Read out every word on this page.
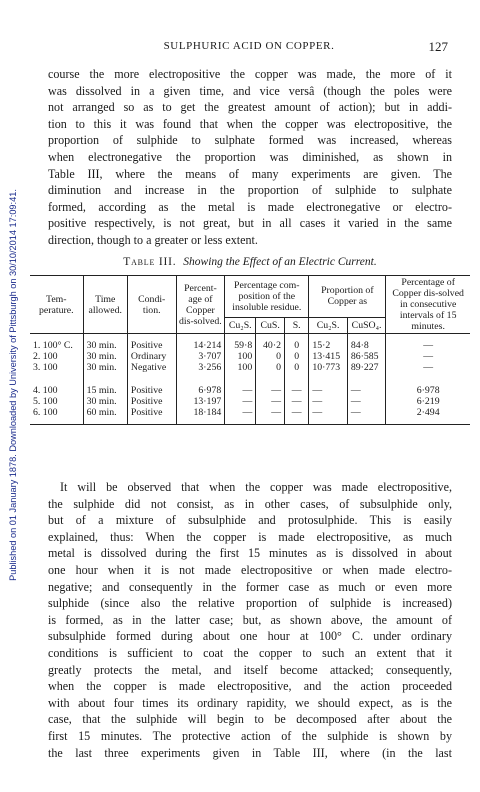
Published on 01 January 1878. Downloaded by University of Pittsburgh on 30/10/2014 17:09:41.
SULPHURIC ACID ON COPPER.	127
course the more electropositive the copper was made, the more of it
was dissolved in a given time, and vice versâ (though the poles were
not arranged so as to get the greatest amount of action); but in addi-
tion to this it was found that when the copper was electropositive, the
proportion of sulphide to sulphate formed was increased, whereas
when electronegative the proportion was diminished, as shown in
Table III, where the means of many experiments are given. The
diminution and increase in the proportion of sulphide to sulphate
formed, according as the metal is made electronegative or electro-
positive respectively, is not great, but in all cases it varied in the same
direction, though to a greater or less extent.
Table III. Showing the Effect of an Electric Current.
Tem-perature.	Time allowed.	Condi-tion.	Percent-age of Copper dis-solved.	Percentage com-position of the insoluble residue.			Proportion of Copper as		Percentage of Copper dis-solved in consecutive intervals of 15 minutes.
				Cu₂S.	CuS.	S.	Cu₂S.	CuSO₄.	
1. 100° C.	30 min.	Positive	14·214	59·8	40·2	0	15·2	84·8	—
2. 100	30 min.	Ordinary	3·707	100	0	0	13·415	86·585	—
3. 100	30 min.	Negative	3·256	100	0	0	10·773	89·227	—
4. 100	15 min.	Positive	6·978	—	—	—	—	—	6·978
5. 100	30 min.	Positive	13·197	—	—	—	—	—	6·219
6. 100	60 min.	Positive	18·184	—	—	—	—	—	2·494
It will be observed that when the copper was made electropositive,
the sulphide did not consist, as in other cases, of subsulphide only,
but of a mixture of subsulphide and protosulphide. This is easily
explained, thus: When the copper is made electropositive, as much
metal is dissolved during the first 15 minutes as is dissolved in about
one hour when it is not made electropositive or when made electro-
negative; and consequently in the former case as much or even more
sulphide (since also the relative proportion of sulphide is increased)
is formed, as in the latter case; but, as shown above, the amount of
subsulphide formed during about one hour at 100° C. under ordinary
conditions is sufficient to coat the copper to such an extent that it
greatly protects the metal, and itself become attacked; consequently,
when the copper is made electropositive, and the action proceeded
with about four times its ordinary rapidity, we should expect, as is the
case, that the sulphide will begin to be decomposed after about the
first 15 minutes. The protective action of the sulphide is shown by
the last three experiments given in Table III, where (in the last
